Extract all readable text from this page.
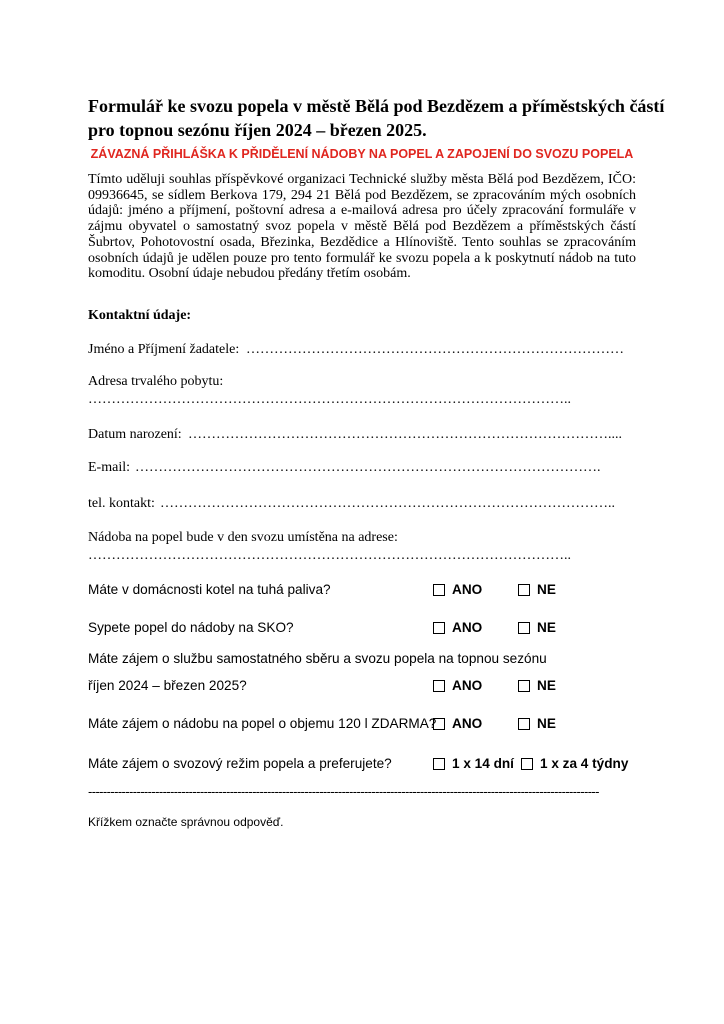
Formulář ke svozu popela v městě Bělá pod Bezdězem a příměstských částí
pro topnou sezónu říjen 2024 – březen 2025.
ZÁVAZNÁ PŘIHLÁŠKA K PŘIDĚLENÍ NÁDOBY NA POPEL A ZAPOJENÍ DO SVOZU POPELA
Tímto uděluji souhlas příspěvkové organizaci Technické služby města Bělá pod Bezdězem, IČO: 09936645, se sídlem Berkova 179, 294 21 Bělá pod Bezdězem, se zpracováním mých osobních údajů: jméno a příjmení, poštovní adresa a e-mailová adresa pro účely zpracování formuláře v zájmu obyvatel o samostatný svoz popela v městě Bělá pod Bezdězem a příměstských částí Šubrtov, Pohotovostní osada, Březinka, Bezdědice a Hlínoviště. Tento souhlas se zpracováním osobních údajů je udělen pouze pro tento formulář ke svozu popela a k poskytnutí nádob na tuto komoditu. Osobní údaje nebudou předány třetím osobám.
Kontaktní údaje:
Jméno a Příjmení žadatele: ………………………………………………………………………
Adresa trvalého pobytu:
…………………………………………………………………………………………..
Datum narození: ………………………………………………………………………………....
E-mail: ……………………………………………………………………………………….
tel. kontakt: ……………………………………………………………………………………..
Nádoba na popel bude v den svozu umístěna na adrese:
…………………………………………………………………………………………..
Máte v domácnosti kotel na tuhá paliva?	ANO	NE
Sypete popel do nádoby na SKO?	ANO	NE
Máte zájem o službu samostatného sběru a svozu popela na topnou sezónu
říjen 2024 – březen 2025?	ANO	NE
Máte zájem o nádobu na popel o objemu 120 l ZDARMA? ANO	NE
Máte zájem o svozový režim popela a preferujete?	1 x 14 dní 1 x za 4 týdny
-----------------------------------------------------------------------------------------------------------------------------------------
Křížkem označte správnou odpověď.
